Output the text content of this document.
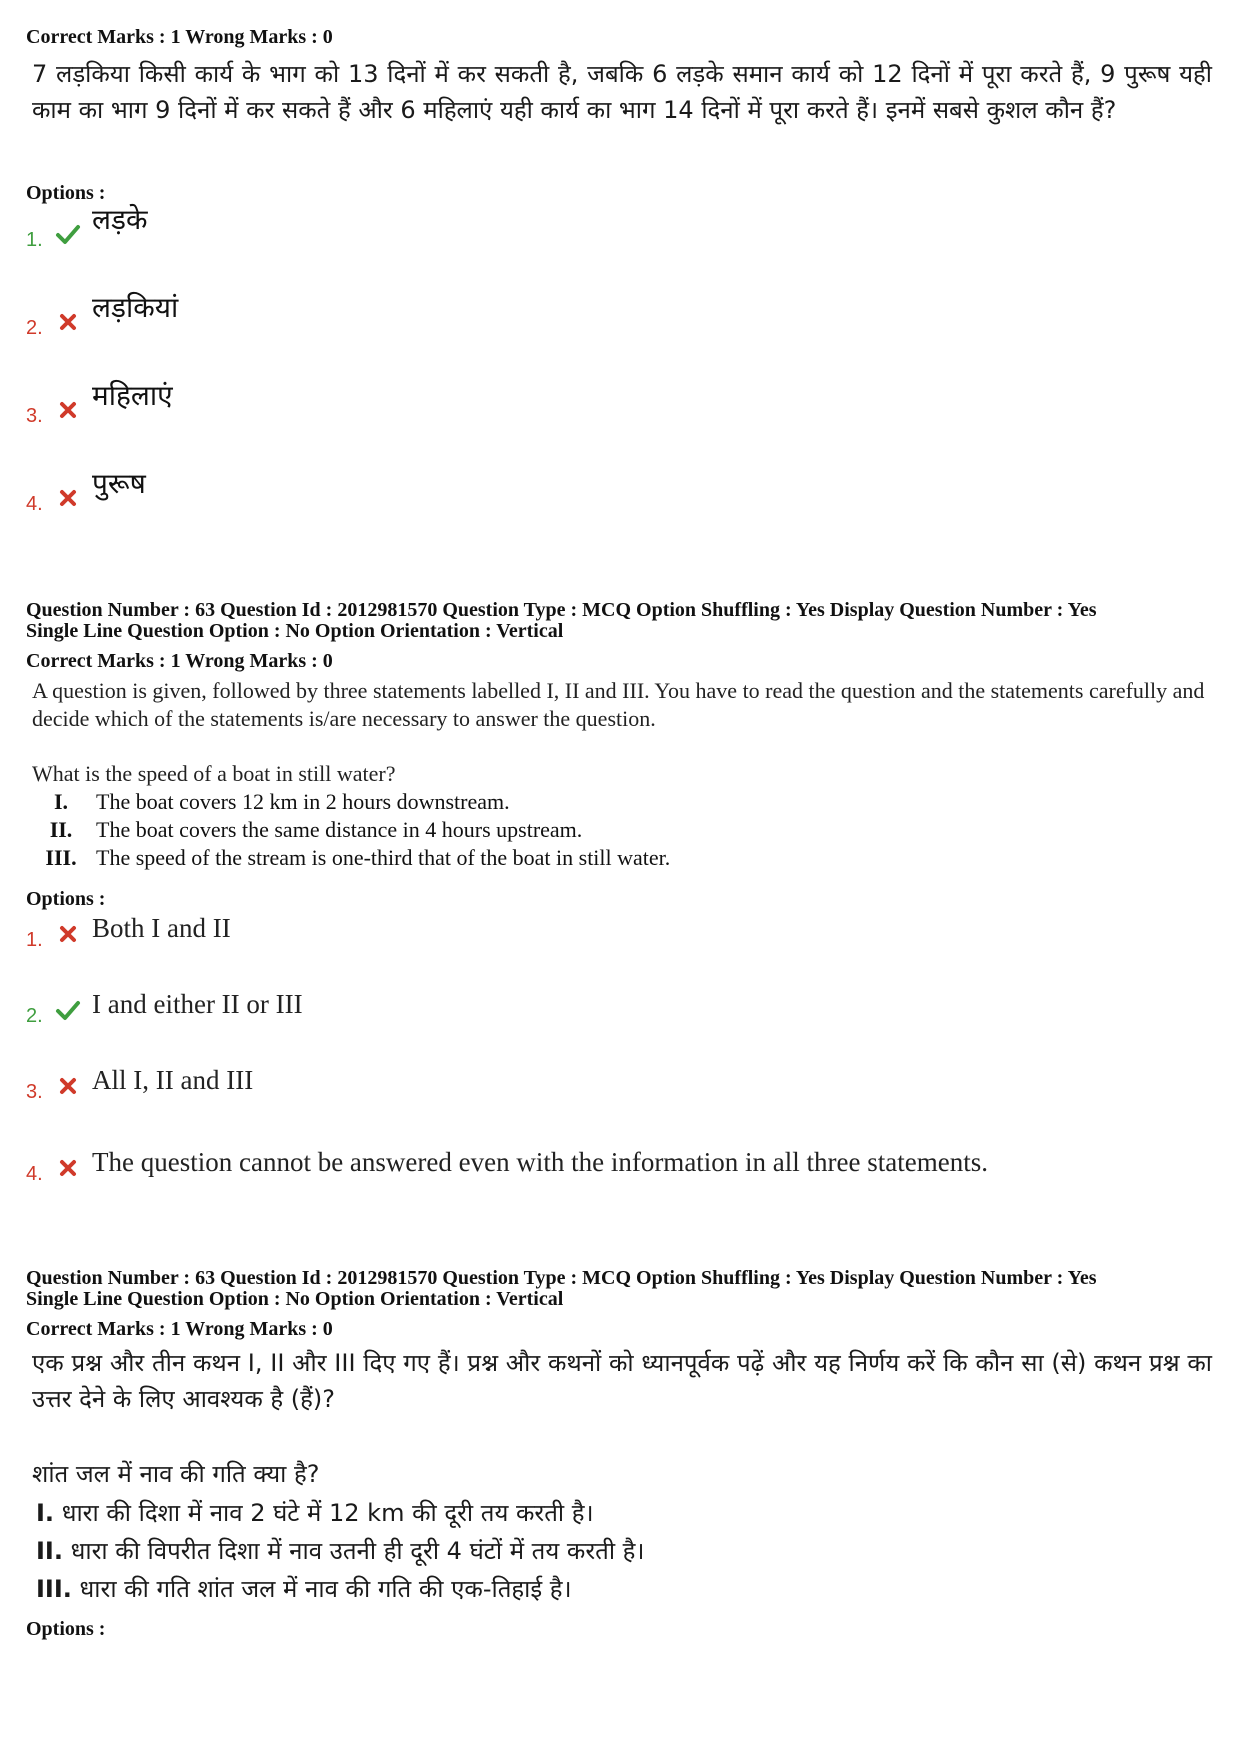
Correct Marks : 1 Wrong Marks : 0

7 लड़किया किसी कार्य के भाग को 13 दिनों में कर सकती है, जबकि 6 लड़के समान कार्य को 12 दिनों में पूरा करते हैं, 9 पुरूष यही काम का भाग 9 दिनों में कर सकते हैं और 6 महिलाएं यही कार्य का भाग 14 दिनों में पूरा करते हैं। इनमें सबसे कुशल कौन हैं?

Options :

1.
लड़के
2.
लड़कियां
3.
महिलाएं
4.
पुरूष

Question Number : 63 Question Id : 2012981570 Question Type : MCQ Option Shuffling : Yes Display Question Number : Yes

Single Line Question Option : No Option Orientation : Vertical

Correct Marks : 1 Wrong Marks : 0

A question is given, followed by three statements labelled I, II and III. You have to read the question and the statements carefully and decide which of the statements is/are necessary to answer the question.

What is the speed of a boat in still water?

I.	The boat covers 12 km in 2 hours downstream.
II.	The boat covers the same distance in 4 hours upstream.
III. The speed of the stream is one-third that of the boat in still water.

Options :

1. Both I and II
2. I and either II or III
3. All I, II and III
4. The question cannot be answered even with the information in all three statements.

Question Number : 63 Question Id : 2012981570 Question Type : MCQ Option Shuffling : Yes Display Question Number : Yes

Single Line Question Option : No Option Orientation : Vertical

Correct Marks : 1 Wrong Marks : 0

एक प्रश्न और तीन कथन I, II और III दिए गए हैं। प्रश्न और कथनों को ध्यानपूर्वक पढ़ें और यह निर्णय करें कि कौन सा (से) कथन प्रश्न का उत्तर देने के लिए आवश्यक है (हैं)?

शांत जल में नाव की गति क्या है?

I. धारा की दिशा में नाव 2 घंटे में 12 km की दूरी तय करती है।
II. धारा की विपरीत दिशा में नाव उतनी ही दूरी 4 घंटों में तय करती है।
III. धारा की गति शांत जल में नाव की गति की एक-तिहाई है।

Options :
